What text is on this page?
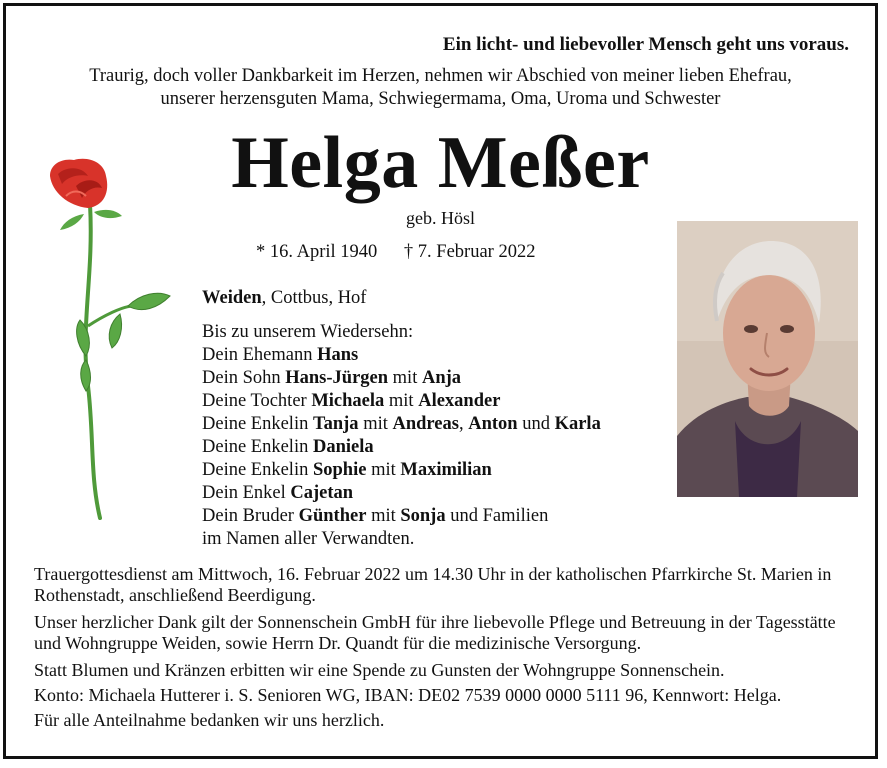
Ein licht- und liebevoller Mensch geht uns voraus.
Traurig, doch voller Dankbarkeit im Herzen, nehmen wir Abschied von meiner lieben Ehefrau,
unserer herzensguten Mama, Schwiegermama, Oma, Uroma und Schwester
Helga Meßer
geb. Hösl
* 16. April 1940 † 7. Februar 2022
Weiden, Cottbus, Hof
Bis zu unserem Wiedersehn:
Dein Ehemann Hans
Dein Sohn Hans-Jürgen mit Anja
Deine Tochter Michaela mit Alexander
Deine Enkelin Tanja mit Andreas, Anton und Karla
Deine Enkelin Daniela
Deine Enkelin Sophie mit Maximilian
Dein Enkel Cajetan
Dein Bruder Günther mit Sonja und Familien
im Namen aller Verwandten.
Trauergottesdienst am Mittwoch, 16. Februar 2022 um 14.30 Uhr in der katholischen Pfarrkirche St. Marien in Rothenstadt, anschließend Beerdigung.
Unser herzlicher Dank gilt der Sonnenschein GmbH für ihre liebevolle Pflege und Betreuung in der Tagesstätte und Wohngruppe Weiden, sowie Herrn Dr. Quandt für die medizinische Versorgung.
Statt Blumen und Kränzen erbitten wir eine Spende zu Gunsten der Wohngruppe Sonnenschein.
Konto: Michaela Hutterer i. S. Senioren WG, IBAN: DE02 7539 0000 0000 5111 96, Kennwort: Helga.
Für alle Anteilnahme bedanken wir uns herzlich.
